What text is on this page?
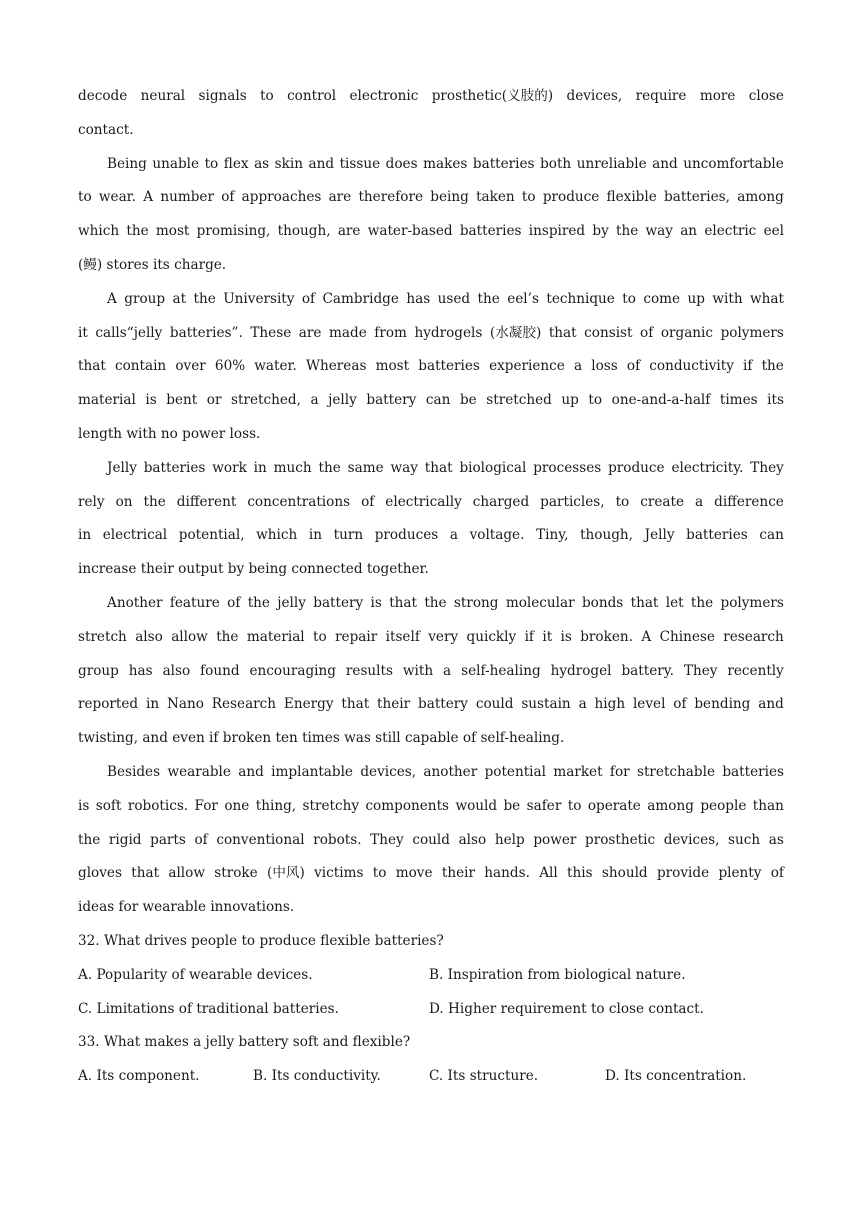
decode neural signals to control electronic prosthetic(义肢的) devices, require more close
contact.
Being unable to flex as skin and tissue does makes batteries both unreliable and uncomfortable
to wear. A number of approaches are therefore being taken to produce flexible batteries, among
which the most promising, though, are water-based batteries inspired by the way an electric eel
(鳗) stores its charge.
A group at the University of Cambridge has used the eel’s technique to come up with what
it calls“jelly batteries”. These are made from hydrogels (水凝胶) that consist of organic polymers
that contain over 60% water. Whereas most batteries experience a loss of conductivity if the
material is bent or stretched, a jelly battery can be stretched up to one-and-a-half times its
length with no power loss.
Jelly batteries work in much the same way that biological processes produce electricity. They
rely on the different concentrations of electrically charged particles, to create a difference
in electrical potential, which in turn produces a voltage. Tiny, though, Jelly batteries can
increase their output by being connected together.
Another feature of the jelly battery is that the strong molecular bonds that let the polymers
stretch also allow the material to repair itself very quickly if it is broken. A Chinese research
group has also found encouraging results with a self-healing hydrogel battery. They recently
reported in Nano Research Energy that their battery could sustain a high level of bending and
twisting, and even if broken ten times was still capable of self-healing.
Besides wearable and implantable devices, another potential market for stretchable batteries
is soft robotics. For one thing, stretchy components would be safer to operate among people than
the rigid parts of conventional robots. They could also help power prosthetic devices, such as
gloves that allow stroke (中风) victims to move their hands. All this should provide plenty of
ideas for wearable innovations.
32. What drives people to produce flexible batteries?
A. Popularity of wearable devices.	B. Inspiration from biological nature.
C. Limitations of traditional batteries.	D. Higher requirement to close contact.
33. What makes a jelly battery soft and flexible?
A. Its component.	B. Its conductivity.	C. Its structure.	D. Its concentration.
